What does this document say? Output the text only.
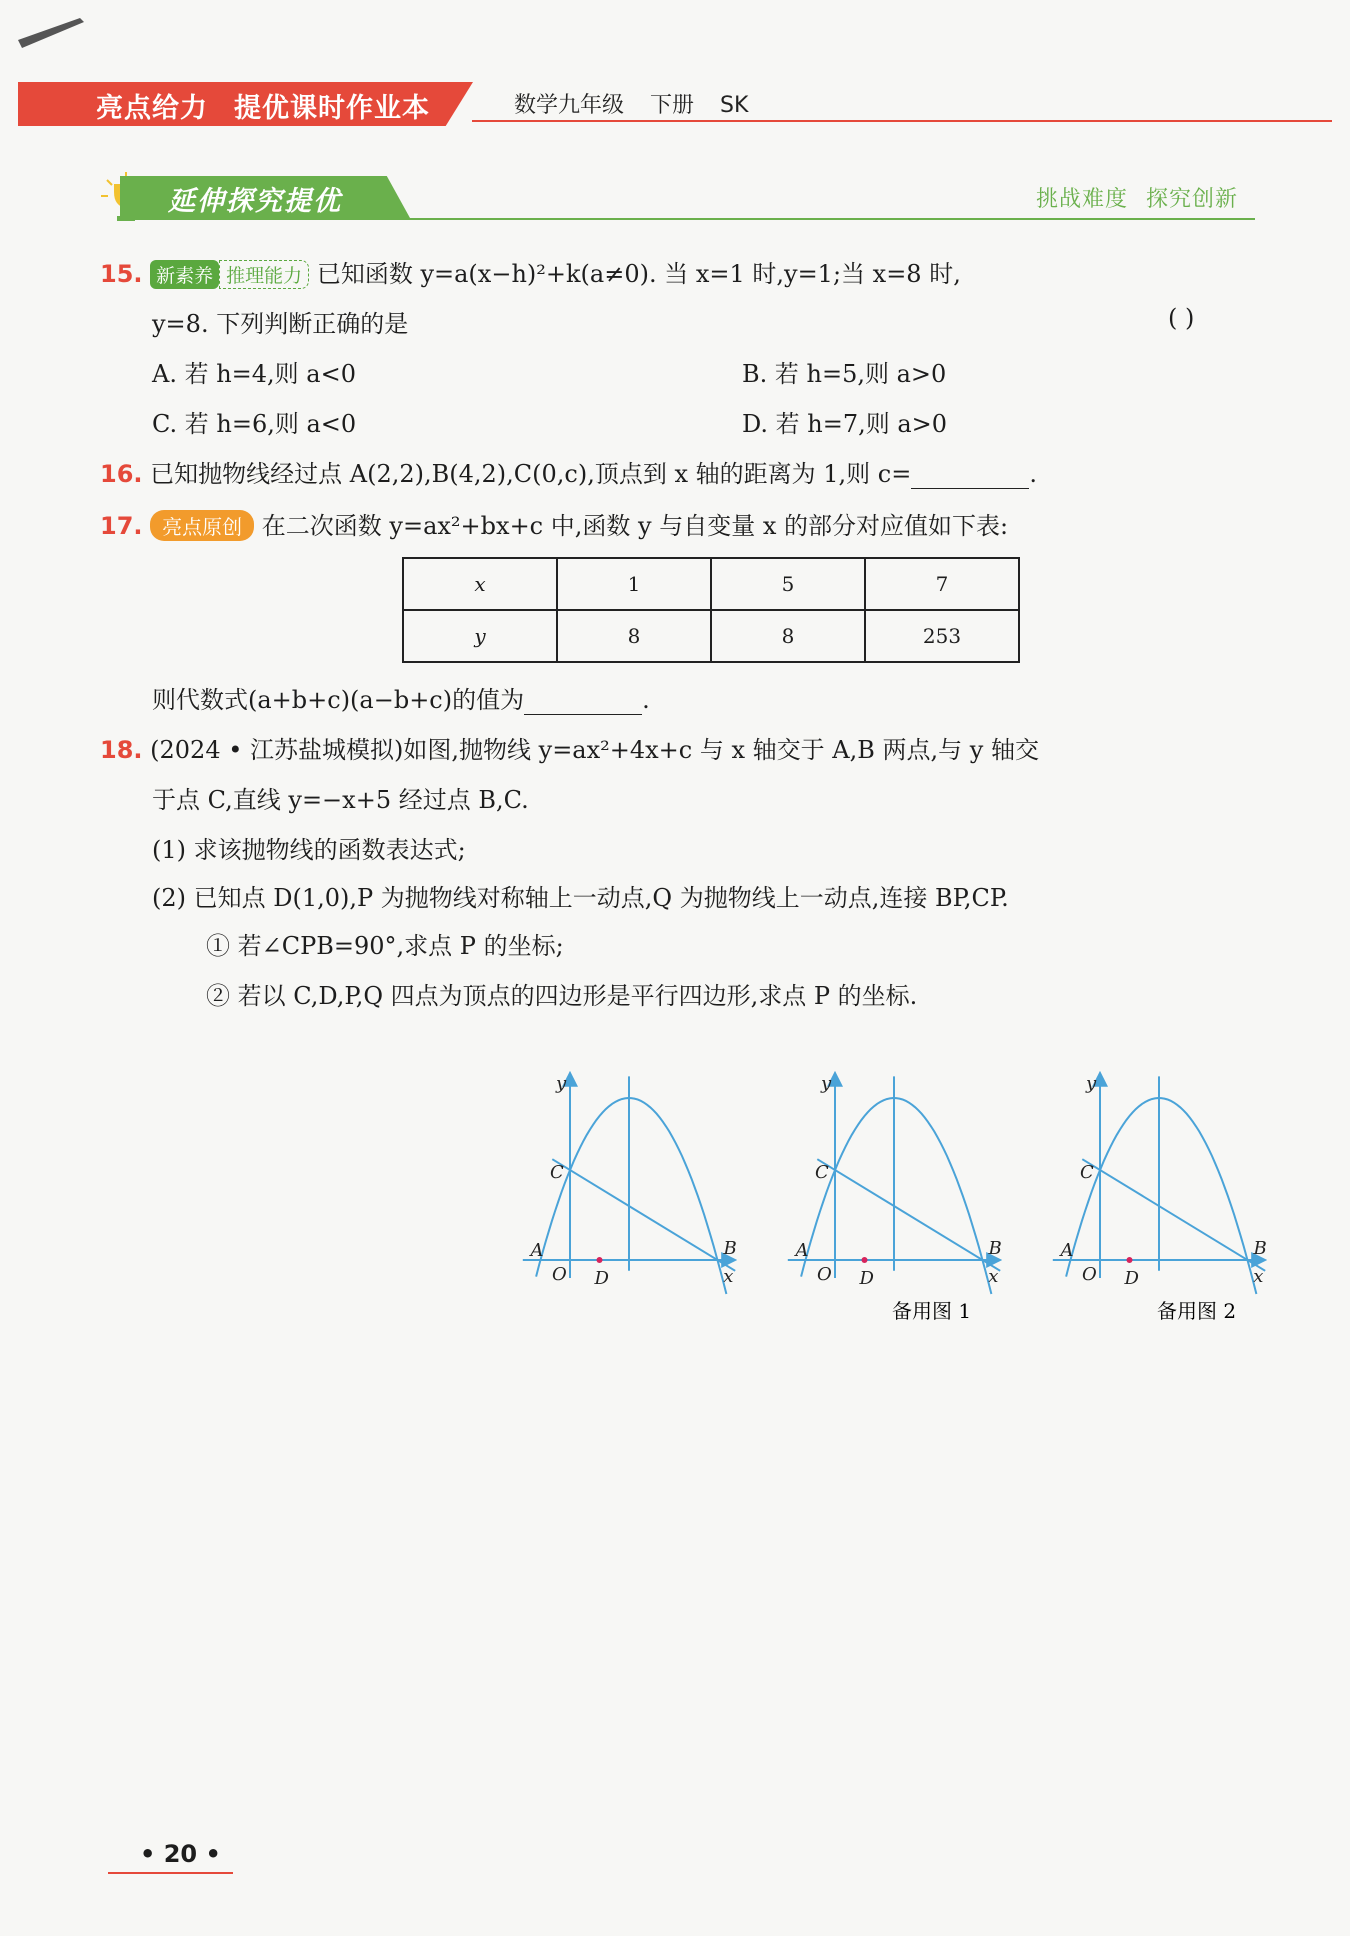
亮点给力 提优课时作业本	数学九年级 下册 SK
延伸探究提优	挑战难度 探究创新
15. 新素养 推理能力 已知函数 y=a(x−h)²+k(a≠0). 当 x=1 时,y=1;当 x=8 时,
y=8. 下列判断正确的是	( )
A. 若 h=4,则 a<0	B. 若 h=5,则 a>0
C. 若 h=6,则 a<0	D. 若 h=7,则 a>0
16. 已知抛物线经过点 A(2,2),B(4,2),C(0,c),顶点到 x 轴的距离为 1,则 c=	.
17. 亮点原创 在二次函数 y=ax²+bx+c 中,函数 y 与自变量 x 的部分对应值如下表:
x	1	5	7
y	8	8	253
则代数式(a+b+c)(a−b+c)的值为	.
18. (2024 • 江苏盐城模拟)如图,抛物线 y=ax²+4x+c 与 x 轴交于 A,B 两点,与 y 轴交
于点 C,直线 y=−x+5 经过点 B,C.
(1) 求该抛物线的函数表达式;
(2) 已知点 D(1,0),P 为抛物线对称轴上一动点,Q 为抛物线上一动点,连接 BP,CP.
① 若∠CPB=90°,求点 P 的坐标;
② 若以 C,D,P,Q 四点为顶点的四边形是平行四边形,求点 P 的坐标.
y
x
C
A	B
O D
y
x
C
A	B
O D
y
x
C
A	B
O D
备用图 1	备用图 2
• 20 •
